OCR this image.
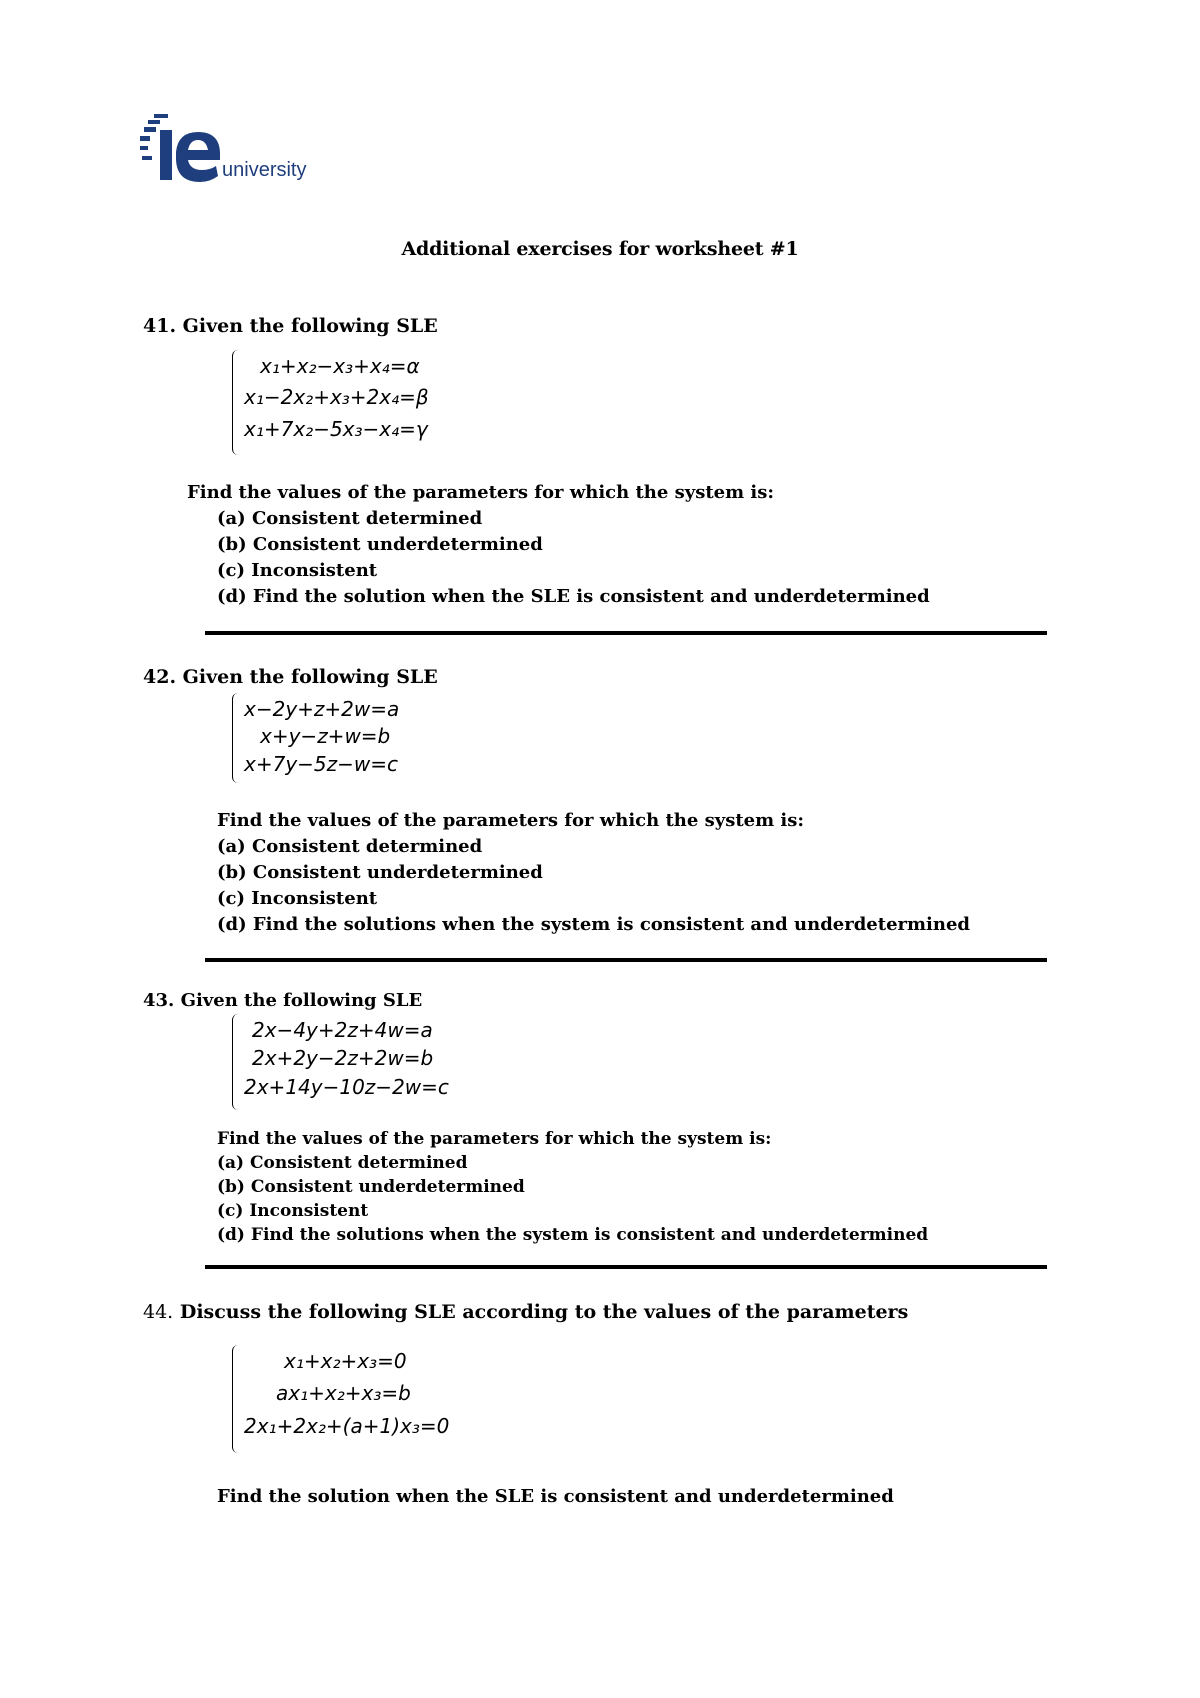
university
Additional exercises for worksheet #1
41. Given the following SLE
x₁+x₂−x₃+x₄=α
x₁−2x₂+x₃+2x₄=β
x₁+7x₂−5x₃−x₄=γ
Find the values of the parameters for which the system is:
(a) Consistent determined
(b) Consistent underdetermined
(c) Inconsistent
(d) Find the solution when the SLE is consistent and underdetermined
42. Given the following SLE
x−2y+z+2w=a
x+y−z+w=b
x+7y−5z−w=c
Find the values of the parameters for which the system is:
(a) Consistent determined
(b) Consistent underdetermined
(c) Inconsistent
(d) Find the solutions when the system is consistent and underdetermined
43. Given the following SLE
2x−4y+2z+4w=a
2x+2y−2z+2w=b
2x+14y−10z−2w=c
Find the values of the parameters for which the system is:
(a) Consistent determined
(b) Consistent underdetermined
(c) Inconsistent
(d) Find the solutions when the system is consistent and underdetermined
44. Discuss the following SLE according to the values of the parameters
x₁+x₂+x₃=0
ax₁+x₂+x₃=b
2x₁+2x₂+(a+1)x₃=0
Find the solution when the SLE is consistent and underdetermined
